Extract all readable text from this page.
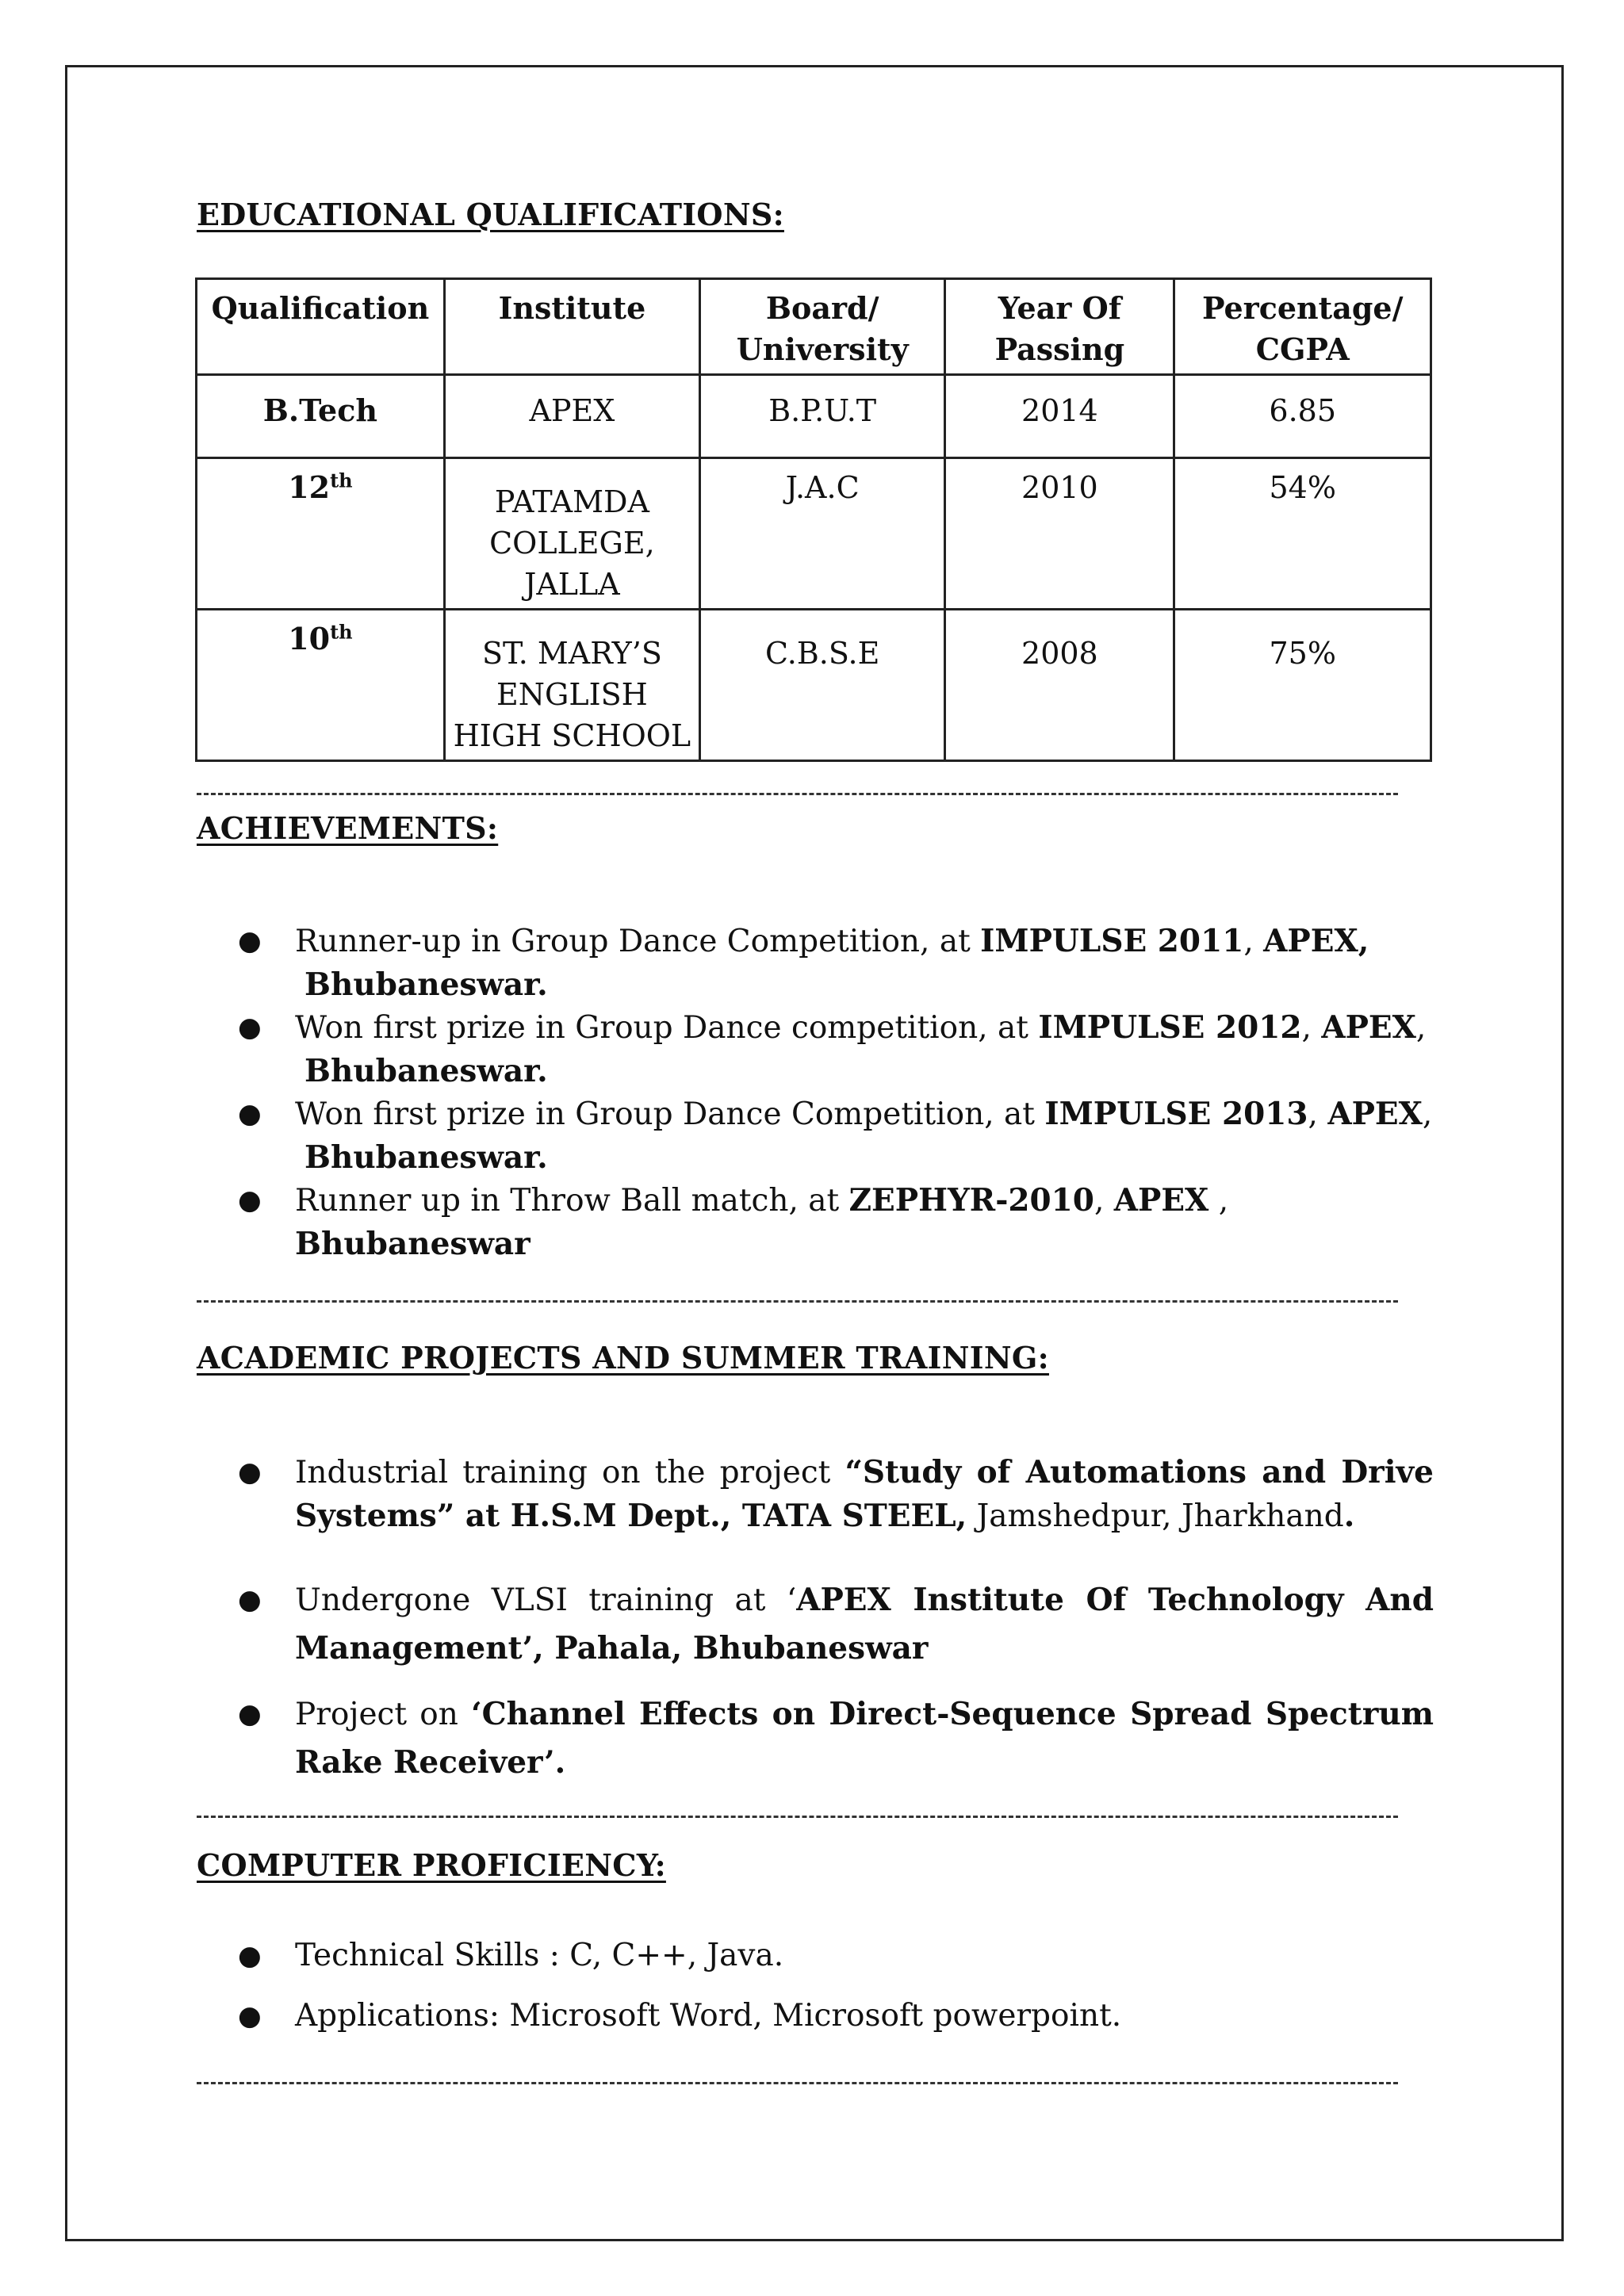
EDUCATIONAL QUALIFICATIONS:
Qualification	Institute	Board/ University	Year Of Passing	Percentage/ CGPA
B.Tech	APEX	B.P.U.T	2014	6.85
12th	PATAMDA COLLEGE, JALLA	J.A.C	2010	54%
10th	ST. MARY’S ENGLISH HIGH SCHOOL	C.B.S.E	2008	75%
ACHIEVEMENTS:
● Runner-up in Group Dance Competition, at IMPULSE 2011, APEX,
Bhubaneswar.
● Won first prize in Group Dance competition, at IMPULSE 2012, APEX,
Bhubaneswar.
● Won first prize in Group Dance Competition, at IMPULSE 2013, APEX,
Bhubaneswar.
● Runner up in Throw Ball match, at ZEPHYR-2010, APEX , Bhubaneswar
ACADEMIC PROJECTS AND SUMMER TRAINING:
● Industrial training on the project “Study of Automations and Drive Systems” at H.S.M Dept., TATA STEEL, Jamshedpur, Jharkhand.
● Undergone VLSI training at ‘APEX Institute Of Technology And Management’, Pahala, Bhubaneswar
● Project on ‘Channel Effects on Direct-Sequence Spread Spectrum Rake Receiver’.
COMPUTER PROFICIENCY:
● Technical Skills : C, C++, Java.
● Applications: Microsoft Word, Microsoft powerpoint.
